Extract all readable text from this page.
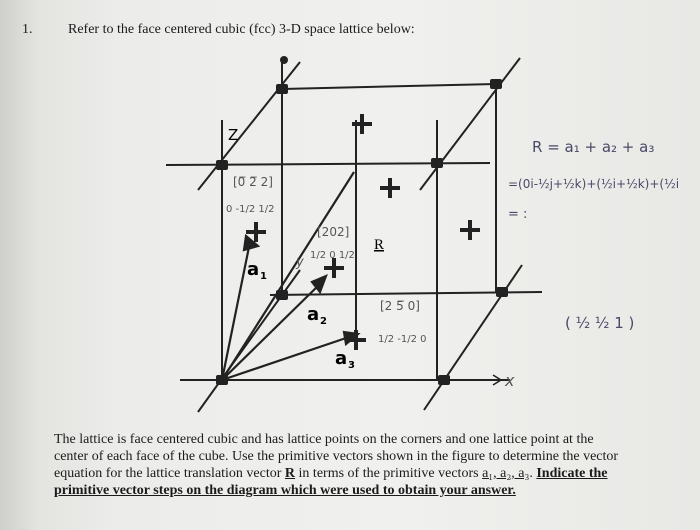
1.	Refer to the face centered cubic (fcc) 3-D space lattice below:
Z
x
y
a 1
a 2
a 3
R
[0̅ 2̅ 2]
0 -1/2 1/2
[202]
1/2 0 1/2
[2 5̅ 0]
1/2 -1/2 0
R = a₁ + a₂ + a₃
=(0i-½j+½k)+(½i+½k)+(½i
= :
( ½ ½ 1 )
The lattice is face centered cubic and has lattice points on the corners and one lattice point at the
center of each face of the cube. Use the primitive vectors shown in the figure to determine the vector
equation for the lattice translation vector R in terms of the primitive vectors a₁, a₂, a₃. Indicate the
primitive vector steps on the diagram which were used to obtain your answer.
